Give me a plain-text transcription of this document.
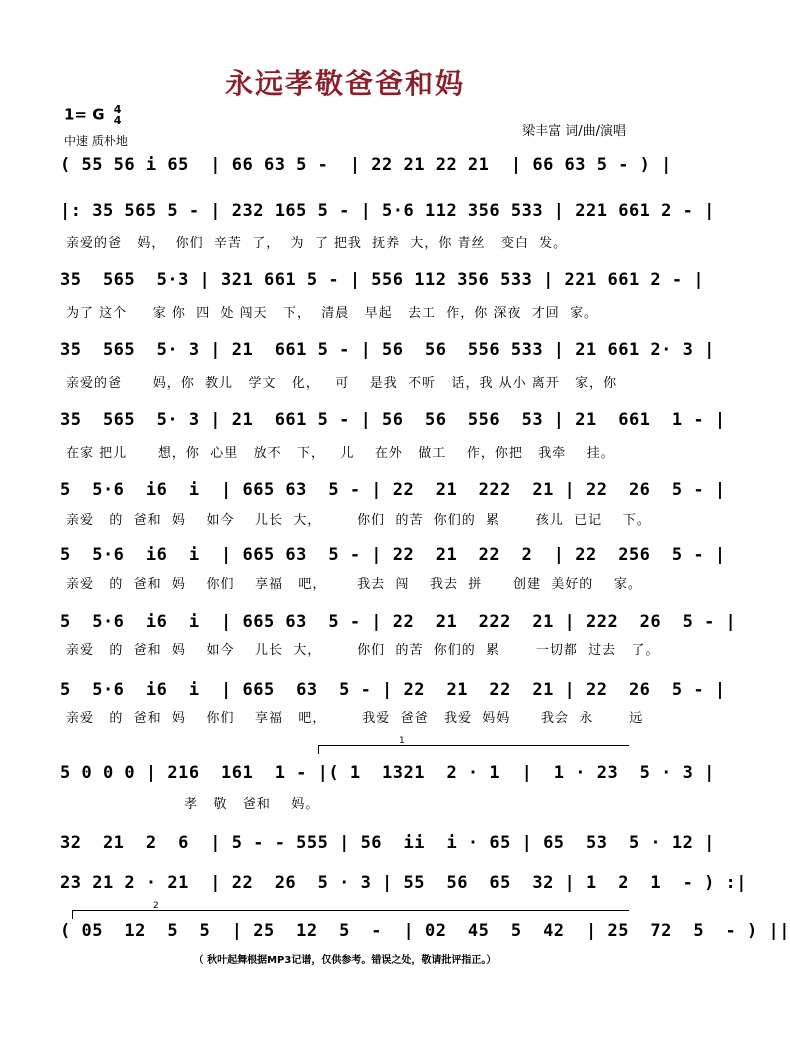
永远孝敬爸爸和妈
1= G 4
4
中速 质朴地
梁丰富 词/曲/演唱
( 55 56 i 65  | 66 63 5 -  | 22 21 22 21  | 66 63 5 - ) |
|: 35 565 5 - | 232 165 5 - | 5·6 112 356 533 | 221 661 2 - |
亲爱的爸   妈，  你们  辛苦  了，  为  了 把我  抚养  大，你 青丝   变白  发。
35  565  5·3 | 321 661 5 - | 556 112 356 533 | 221 661 2 - |
为了 这个     家 你  四  处 闯天   下，  清晨   早起   去工  作，你 深夜  才回  家。
35  565  5· 3 | 21  661 5 - | 56  56  556 533 | 21 661 2· 3 |
亲爱的爸      妈，你  教儿   学文   化，   可    是我  不听   话，我 从小 离开   家，你
35  565  5· 3 | 21  661 5 - | 56  56  556  53 | 21  661  1 - |
在家 把儿      想，你  心里   放不   下，   儿    在外   做工    作，你把   我牵    挂。
5  5·6  i6  i  | 665 63  5 - | 22  21  222  21 | 22  26  5 - |
亲爱   的  爸和  妈    如今    儿长  大，       你们  的苦  你们的  累       孩儿  已记    下。
5  5·6  i6  i  | 665 63  5 - | 22  21  22  2  | 22  256  5 - |
亲爱   的  爸和  妈    你们    享福   吧，      我去  闯    我去  拼      创建  美好的    家。
5  5·6  i6  i  | 665 63  5 - | 22  21  222  21 | 222  26  5 - |
亲爱   的  爸和  妈    如今    儿长  大，       你们  的苦  你们的  累       一切都  过去   了。
5  5·6  i6  i  | 665  63  5 - | 22  21  22  21 | 22  26  5 - |
亲爱   的  爸和  妈    你们    享福   吧，       我爱  爸爸   我爱  妈妈      我会  永       远
1
5 0 0 0 | 216  161  1 - |( 1  1321  2 · 1  |  1 · 23  5 · 3 |
孝   敬   爸和    妈。
32  21  2  6  | 5 - - 555 | 56  ii  i · 65 | 65  53  5 · 12 |
23 21 2 · 21  | 22  26  5 · 3 | 55  56  65  32 | 1  2  1  - ) :|
2
( 05  12  5  5  | 25  12  5  -  | 02  45  5  42  | 25  72  5  - ) ||
（ 秋叶起舞根据MP3记谱，仅供参考。错误之处，敬请批评指正。）
